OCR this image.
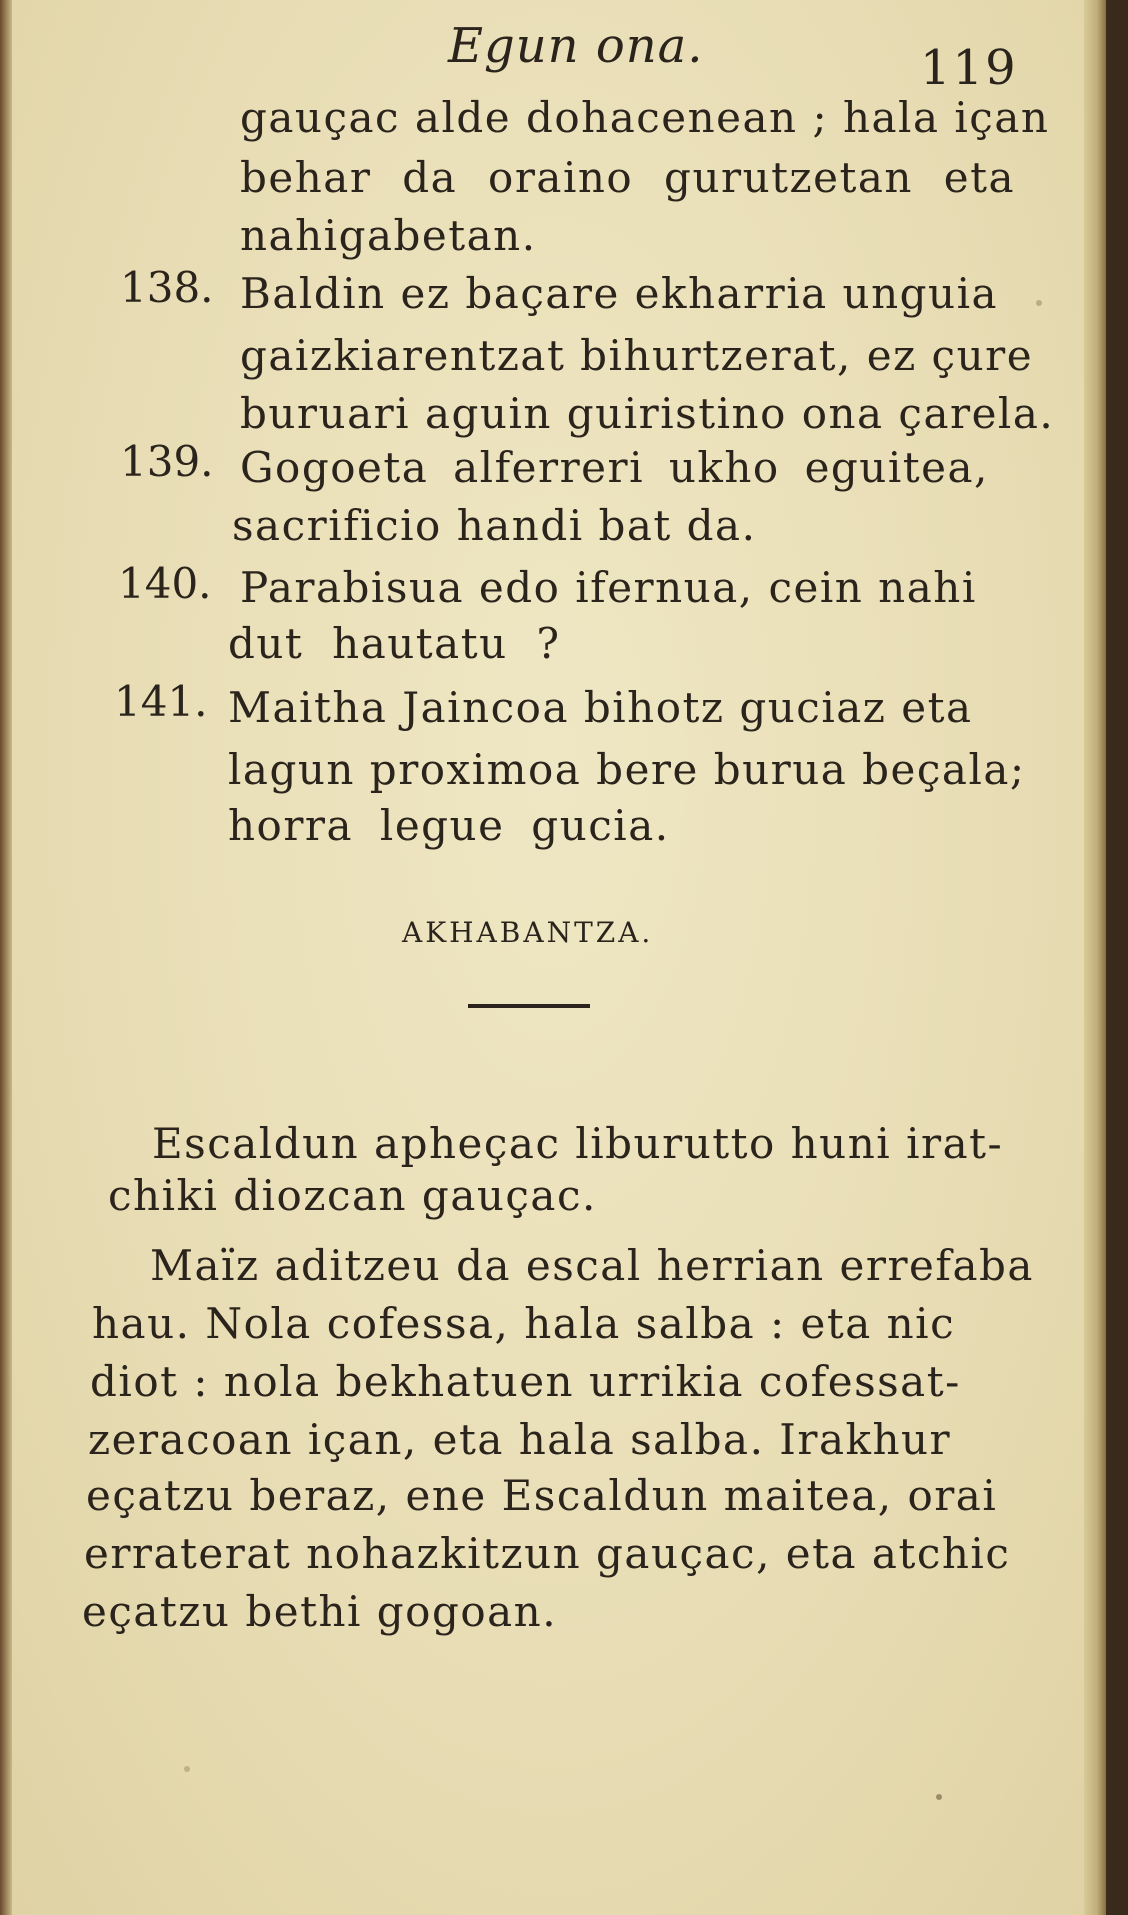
Egun ona.	119
gauçac alde dohacenean ; hala içan
behar da oraino gurutzetan eta
nahigabetan.
138. Baldin ez baçare ekharria unguia
gaizkiarentzat bihurtzerat, ez çure
buruari aguin guiristino ona çarela.
139. Gogoeta alferreri ukho eguitea,
sacrificio handi bat da.
140. Parabisua edo ifernua, cein nahi
dut hautatu ?
141. Maitha Jaincoa bihotz guciaz eta
lagun proximoa bere burua beçala;
horra legue gucia.
AKHABANTZA.
Escaldun apheçac liburutto huni irat-
chiki diozcan gauçac.
Maïz aditzeu da escal herrian errefaba
hau. Nola cofessa, hala salba : eta nic
diot : nola bekhatuen urrikia cofessat-
zeracoan içan, eta hala salba. Irakhur
eçatzu beraz, ene Escaldun maitea, orai
erraterat nohazkitzun gauçac, eta atchic
eçatzu bethi gogoan.
